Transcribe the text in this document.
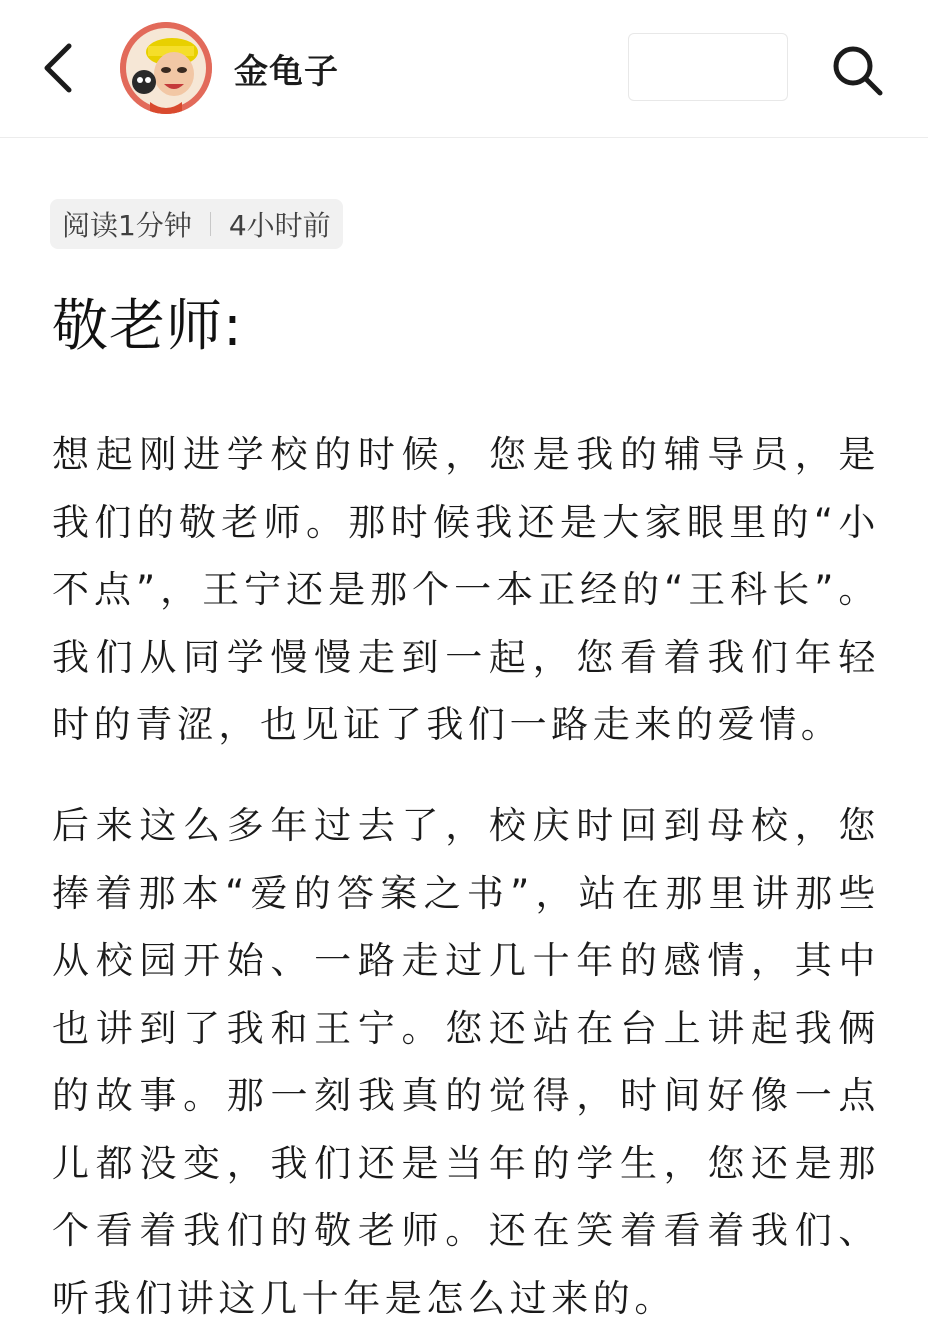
金龟子
阅读1分钟 4小时前
敬老师:

想起刚进学校的时候，您是我的辅导员，是我们的敬老师。那时候我还是大家眼里的“小不点”，王宁还是那个一本正经的“王科长”。我们从同学慢慢走到一起，您看着我们年轻时的青涩，也见证了我们一路走来的爱情。

后来这么多年过去了，校庆时回到母校，您捧着那本“爱的答案之书”，站在那里讲那些从校园开始、一路走过几十年的感情，其中也讲到了我和王宁。您还站在台上讲起我俩的故事。那一刻我真的觉得，时间好像一点儿都没变，我们还是当年的学生，您还是那个看着我们的敬老师。还在笑着看着我们、听我们讲这几十年是怎么过来的。
